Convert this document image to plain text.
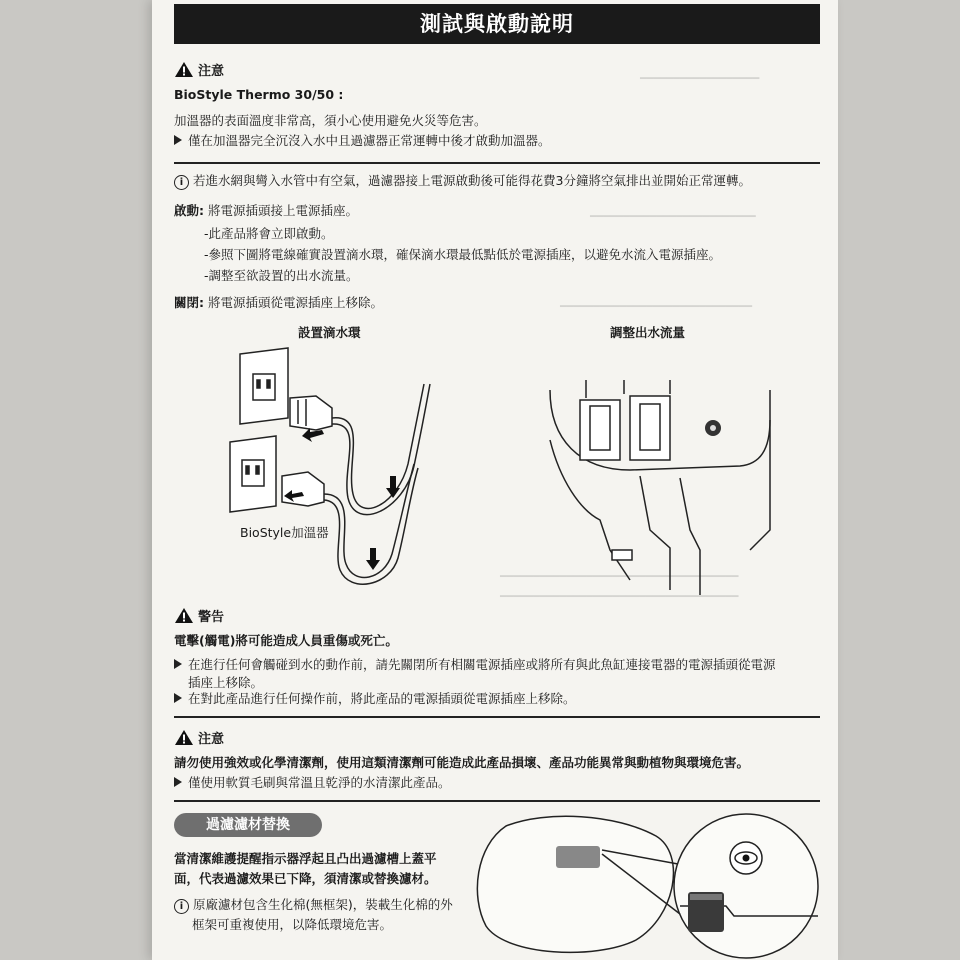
━━━━━━━━━━━━━━━━━━
━━━━━━━━━━━━━━━━━━━━━━━━━
━━━━━━━━━━━━━━━━━━━━━━━━━━━━━
━━━━━━━━━━━━━━━━━━━━━━━━━━━━━━━━━━━━
━━━━━━━━━━━━━━━━━━━━━━━━━━━━━━━━━━━━
測試與啟動說明
注意
BioStyle Thermo 30/50 :
加溫器的表面溫度非常高，須小心使用避免火災等危害。
僅在加溫器完全沉沒入水中且過濾器正常運轉中後才啟動加溫器。
i 若進水網與彎入水管中有空氣，過濾器接上電源啟動後可能得花費3分鐘將空氣排出並開始正常運轉。
啟動: 將電源插頭接上電源插座。
-此產品將會立即啟動。
-參照下圖將電線確實設置滴水環，確保滴水環最低點低於電源插座，以避免水流入電源插座。
-調整至欲設置的出水流量。
關閉: 將電源插頭從電源插座上移除。
設置滴水環	調整出水流量
BioStyle加溫器
警告
電擊(觸電)將可能造成人員重傷或死亡。
在進行任何會觸碰到水的動作前，請先關閉所有相關電源插座或將所有與此魚缸連接電器的電源插頭從電源
插座上移除。
在對此產品進行任何操作前，將此產品的電源插頭從電源插座上移除。
注意
請勿使用強效或化學清潔劑，使用這類清潔劑可能造成此產品損壞、產品功能異常與動植物與環境危害。
僅使用軟質毛刷與常溫且乾淨的水清潔此產品。
過濾濾材替換
當清潔維護提醒指示器浮起且凸出過濾槽上蓋平
面，代表過濾效果已下降，須清潔或替換濾材。
i 原廠濾材包含生化棉(無框架)，裝載生化棉的外
框架可重複使用，以降低環境危害。
